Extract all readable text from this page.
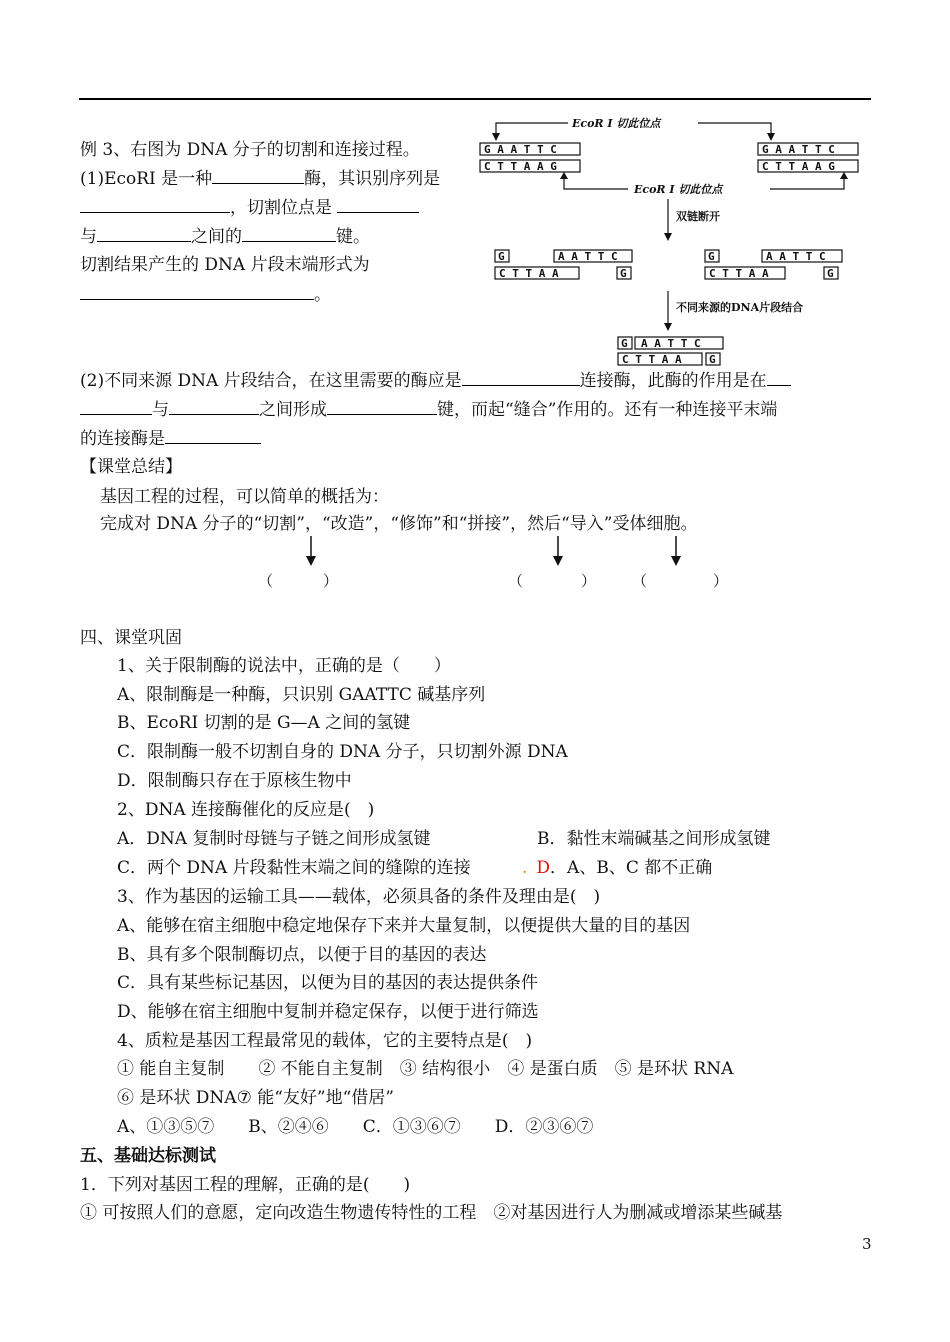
例 3、右图为 DNA 分子的切割和连接过程。
(1)EcoRI 是一种	酶，其识别序列是
，切割位点是
与	之间的	键。
切割结果产生的 DNA 片段末端形式为
。
EcoR Ⅰ 切此位点
G A A T T C
C T T A A G
G A A T T C
C T T A A G
EcoR Ⅰ 切此位点
双链断开
G	A A T T C
C T T A A	G
G	A A T T C
C T T A A	G
不同来源的DNA片段结合
G A A T T C
C T T A A G
(2)不同来源 DNA 片段结合，在这里需要的酶应是	连接酶，此酶的作用是在
与	之间形成	键，而起“缝合”作用的。还有一种连接平末端
的连接酶是
【课堂总结】
基因工程的过程，可以简单的概括为：
完成对 DNA 分子的“切割”，“改造”，“修饰”和“拼接”，然后“导入”受体细胞。
（	）	（	） （	）
四、课堂巩固
1、关于限制酶的说法中，正确的是（　　）
A、限制酶是一种酶，只识别 GAATTC 碱基序列
B、EcoRI 切割的是 G—A 之间的氢键
C．限制酶一般不切割自身的 DNA 分子，只切割外源 DNA
D．限制酶只存在于原核生物中
2、DNA 连接酶催化的反应是(　)
A．DNA 复制时母链与子链之间形成氢键	B．黏性末端碱基之间形成氢键
C．两个 DNA 片段黏性末端之间的缝隙的连接	. D．A、B、C 都不正确
3、作为基因的运输工具——载体，必须具备的条件及理由是(　)
A、能够在宿主细胞中稳定地保存下来并大量复制，以便提供大量的目的基因
B、具有多个限制酶切点，以便于目的基因的表达
C．具有某些标记基因，以便为目的基因的表达提供条件
D、能够在宿主细胞中复制并稳定保存，以便于进行筛选
4、质粒是基因工程最常见的载体，它的主要特点是(　)
① 能自主复制　　② 不能自主复制　③ 结构很小　④ 是蛋白质　⑤ 是环状 RNA
⑥ 是环状 DNA⑦ 能“友好”地“借居”
A、①③⑤⑦　　B、②④⑥　　C．①③⑥⑦　　D．②③⑥⑦
五、基础达标测试
1．下列对基因工程的理解，正确的是(　　)
① 可按照人们的意愿，定向改造生物遗传特性的工程　②对基因进行人为删减或增添某些碱基
3
